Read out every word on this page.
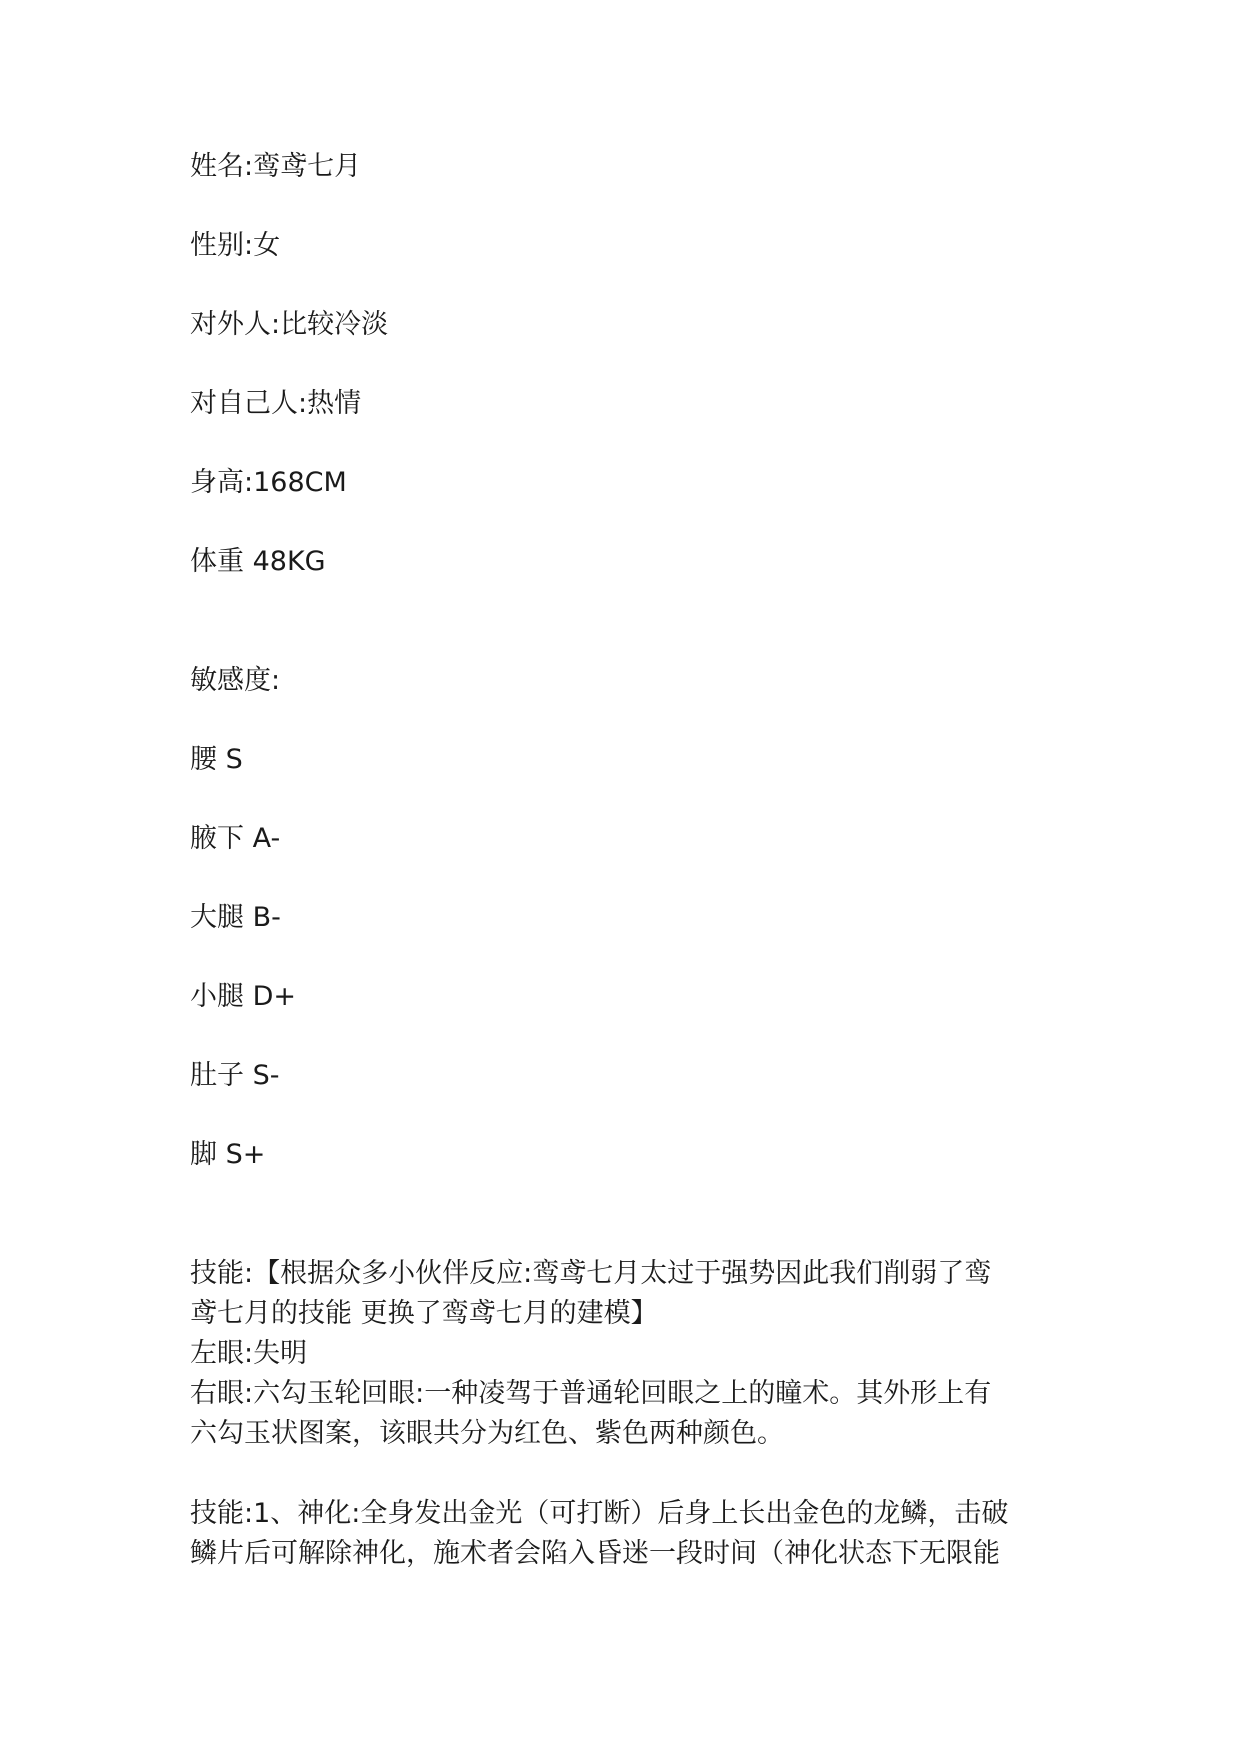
姓名:鸾鸢七月

性别:女

对外人:比较冷淡

对自己人:热情

身高:168CM

体重 48KG

敏感度:

腰 S

腋下 A-

大腿 B-

小腿 D+

肚子 S-

脚 S+

技能:【根据众多小伙伴反应:鸾鸢七月太过于强势因此我们削弱了鸾
鸢七月的技能 更换了鸾鸢七月的建模】
左眼:失明
右眼:六勾玉轮回眼:一种凌驾于普通轮回眼之上的瞳术。其外形上有
六勾玉状图案，该眼共分为红色、紫色两种颜色。
技能:1、神化:全身发出金光（可打断）后身上长出金色的龙鳞，击破
鳞片后可解除神化，施术者会陷入昏迷一段时间（神化状态下无限能
